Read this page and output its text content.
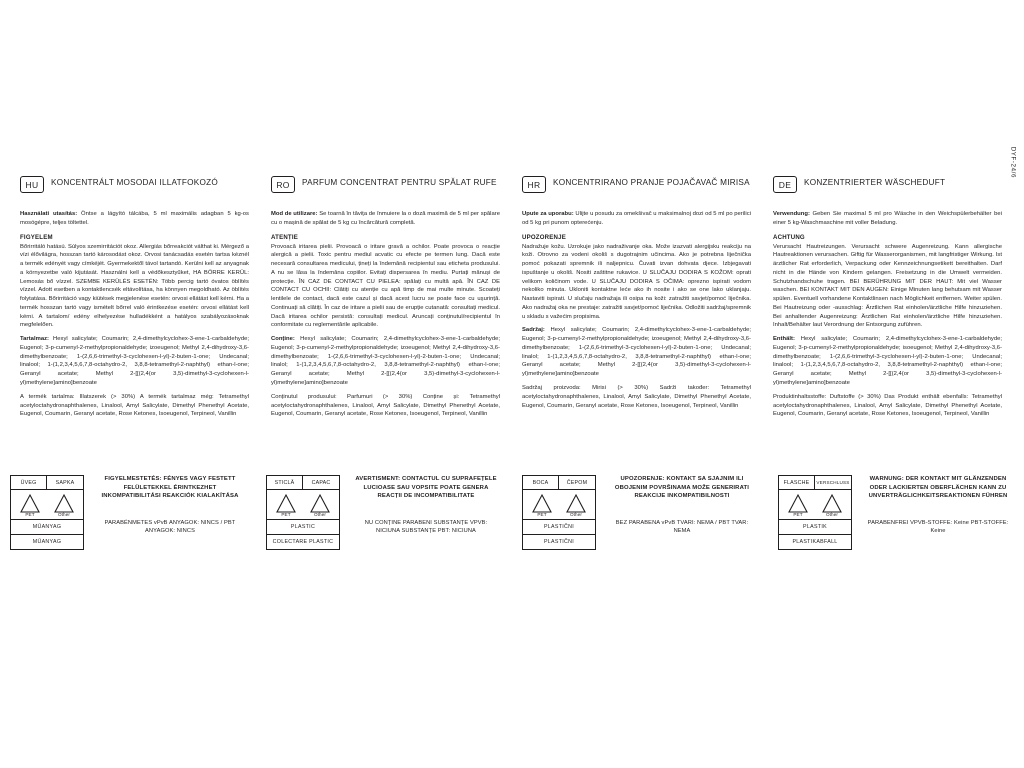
DYF-24/6
HU	KONCENTRÁLT MOSODAI ILLATFOKOZÓ

Használati utasítás: Öntse a lágyító tálcába, 5 ml maximális adagban 5 kg-os mosógépre, teljes töltettel.

FIGYELEM

Bőrirritáló hatású. Súlyos szemirritációt okoz. Allergiás bőrreakciót válthat ki. Mérgező a vízi élővilágra, hosszan tartó károsodást okoz. Orvosi tanácsadás esetén tartsa kéznél a termék edényét vagy címkéjét. Gyermekektől távol tartandó. Kerülni kell az anyagnak a környezetbe való kijutását. Használni kell a védőkesztyűket, HA BŐRRE KERÜL: Lemosás bő vízzel. SZEMBE KERÜLÉS ESETÉN: Több percig tartó óvatos öblítés vízzel. Adott esetben a kontaktlencsék eltávolítása, ha könnyen megoldható. Az öblítés folytatása. Bőrirritáció vagy kiütések megjelenése esetén: orvosi ellátást kell kérni. Ha a termék hosszan tartó vagy ismételt bőrrel való érintkezése esetén: orvosi ellátást kell kérni. A tartalom/ edény elhelyezése hulladékként a hatályos szabályozásoknak megfelelően.

Tartalmaz: Hexyl salicylate; Coumarin; 2,4-dimethylcyclohex-3-ene-1-carbaldehyde; Eugenol; 3-p-cumenyl-2-methylpropionaldehyde; izoeugenol; Methyl 2,4-dihydroxy-3,6-dimethylbenzoate; 1-(2,6,6-trimethyl-3-cyclohexen-l-yl)-2-buten-1-one; Undecanal; linalool; 1-(1,2,3,4,5,6,7,8-octahydro-2, 3,8,8-tetramethyl-2-naphthyl) ethan-l-one; Geranyl acetate; Methyl 2-[[(2,4(or 3,5)-dimethyl-3-cyclohexen-l-yl)methylene]amino]benzoate

A termék tartalma: Illatszerek (> 30%) A termék tartalmaz még: Tetramethyl acetyloctahydronaphthalenes, Linalool, Amyl Salicylate, Dimethyl Phenethyl Acetate, Eugenol, Coumarin, Geranyl acetate, Rose Ketones, Isoeugenol, Terpineol, Vanillin

RO	PARFUM CONCENTRAT PENTRU SPĂLAT RUFE

Mod de utilizare: Se toarnă în tăvița de înmuiere la o doză maximă de 5 ml per spălare cu o mașină de spălat de 5 kg cu încărcătură completă.

ATENȚIE

Provoacă iritarea pielii. Provoacă o iritare gravă a ochilor. Poate provoca o reacție alergică a pielii. Toxic pentru mediul acvatic cu efecte pe termen lung. Dacă este necesară consultarea medicului, țineți la îndemână recipientul sau eticheta produsului. A nu se lăsa la îndemâna copiilor. Evitați dispersarea în mediu. Purtați mănuși de protecție. ÎN CAZ DE CONTACT CU PIELEA: spălați cu multă apă. ÎN CAZ DE CONTACT CU OCHII: Clătiți cu atenție cu apă timp de mai multe minute. Scoateți lentilele de contact, dacă este cazul și dacă acest lucru se poate face cu ușurință. Continuați să clătiți. În caz de iritare a pielii sau de erupție cutanată: consultați medicul. Dacă iritarea ochilor persistă: consultați medicul. Aruncați conținutul/recipientul în conformitate cu reglementările aplicabile.

Conține: Hexyl salicylate; Coumarin; 2,4-dimethylcyclohex-3-ene-1-carbaldehyde; Eugenol; 3-p-cumenyl-2-methylpropionaldehyde; izoeugenol; Methyl 2,4-dihydroxy-3,6-dimethylbenzoate; 1-(2,6,6-trimethyl-3-cyclohexen-l-yl)-2-buten-1-one; Undecanal; linalol; 1-(1,2,3,4,5,6,7,8-octahydro-2, 3,8,8-tetramethyl-2-naphthyl) ethan-l-one; Geranyl acetate; Methyl 2-[[(2,4(or 3,5)-dimethyl-3-cyclohexen-l-yl)methylene]amino]benzoate

Conținutul produsului: Parfumuri (> 30%) Conține și: Tetramethyl acetyloctahydronaphthalenes, Linalool, Amyl Salicylate, Dimethyl Phenethyl Acetate, Eugenol, Coumarin, Geranyl acetate, Rose Ketones, Isoeugenol, Terpineol, Vanillin

HR	KONCENTRIRANO PRANJE POJAČAVAČ MIRISA

Upute za uporabu: Ulijte u posudu za omekšivač u maksimalnoj dozi od 5 ml po perilici od 5 kg pri punom opterećenju.

UPOZORENJE

Nadražuje kožu. Uzrokuje jako nadraživanje oka. Može izazvati alergijsku reakciju na koži. Otrovno za vodeni okoliš s dugotrajnim učincima. Ako je potrebna liječnička pomoć pokazati spremnik ili naljepnicu. Čuvati izvan dohvata djece. Izbjegavati ispuštanje u okoliš. Nositi zaštitne rukavice. U SLUČAJU DODIRA S KOŽOM: oprati velikom količinom vode. U SLUČAJU DODIRA S OČIMA: oprezno ispirati vodom nekoliko minuta. Ukloniti kontaktne leće ako ih nosite i ako se one lako uklanjaju. Nastaviti ispirati. U slučaju nadražaja ili osipa na koži: zatražiti savjet/pomoć liječnika. Ako nadražaj oka ne prestaje: zatražiti savjet/pomoć liječnika. Odložiti sadržaj/spremnik u skladu s važećim propisima.

Sadržaj: Hexyl salicylate; Coumarin; 2,4-dimethylcyclohex-3-ene-1-carbaldehyde; Eugenol; 3-p-cumenyl-2-methylpropionaldehyde; izoeugenol; Methyl 2,4-dihydroxy-3,6-dimethylbenzoate; 1-(2,6,6-trimethyl-3-cyclohexen-l-yl)-2-buten-1-one; Undecanal; linalol; 1-(1,2,3,4,5,6,7,8-octahydro-2, 3,8,8-tetramethyl-2-naphthyl) ethan-l-one; Geranyl acetate; Methyl 2-[[(2,4(or 3,5)-dimethyl-3-cyclohexen-l-yl)methylene]amino]benzoate

Sadržaj proizvoda: Mirisi (> 30%) Sadrži također: Tetramethyl acetyloctahydronaphthalenes, Linalool, Amyl Salicylate, Dimethyl Phenethyl Acetate, Eugenol, Coumarin, Geranyl acetate, Rose Ketones, Isoeugenol, Terpineol, Vanillin

DE	KONZENTRIERTER WÄSCHEDUFT

Verwendung: Geben Sie maximal 5 ml pro Wäsche in den Weichspülerbehälter bei einer 5 kg-Waschmaschine mit voller Beladung.

ACHTUNG

Verursacht Hautreizungen. Verursacht schwere Augenreizung. Kann allergische Hautreaktionen verursachen. Giftig für Wasserorganismen, mit langfristiger Wirkung. Ist ärztlicher Rat erforderlich, Verpackung oder Kennzeichnungsetikett bereithalten. Darf nicht in die Hände von Kindern gelangen. Freisetzung in die Umwelt vermeiden. Schutzhandschuhe tragen. BEI BERÜHRUNG MIT DER HAUT: Mit viel Wasser waschen. BEI KONTAKT MIT DEN AUGEN: Einige Minuten lang behutsam mit Wasser spülen. Eventuell vorhandene Kontaktlinsen nach Möglichkeit entfernen. Weiter spülen. Bei Hautreizung oder -ausschlag: Ärztlichen Rat einholen/ärztliche Hilfe hinzuziehen. Bei anhaltender Augenreizung: Ärztlichen Rat einholen/ärztliche Hilfe hinzuziehen. Inhalt/Behälter laut Verordnung der Entsorgung zuführen.

Enthält: Hexyl salicylate; Coumarin; 2,4-dimethylcyclohex-3-ene-1-carbaldehyde; Eugenol; 3-p-cumenyl-2-methylpropionaldehyde; isoeugenol; Methyl 2,4-dihydroxy-3,6-dimethylbenzoate; 1-(2,6,6-trimethyl-3-cyclohexen-l-yl)-2-buten-1-one; Undecanal; linalool; 1-(1,2,3,4,5,6,7,8-octahydro-2, 3,8,8-tetramethyl-2-naphthyl) ethan-l-one; Geranyl acetate; Methyl 2-[[(2,4(or 3,5)-dimethyl-3-cyclohexen-l-yl)methylene]amino]benzoate

Produktinhaltsstoffe: Duftstoffe (> 30%) Das Produkt enthält ebenfalls: Tetramethyl acetyloctahydronaphthalenes, Linalool, Amyl Salicylate, Dimethyl Phenethyl Acetate, Eugenol, Coumarin, Geranyl acetate, Rose Ketones, Isoeugenol, Terpineol, Vanillin

ÜVEG	SAPKA
PET	Other
MŰANYAG
MŰANYAG
FIGYELMESTETÉS: FÉNYES VAGY FESTETT FELÜLETEKKEL ÉRINTKEZHET INKOMPATIBILITÁSI REAKCIÓK KIALAKÍTÁSA
PARABÉNMETES vPvB ANYAGOK: NINCS / PBT ANYAGOK: NINCS
STICLĂ	CAPAC
PET	Other
PLASTIC
COLECTARE PLASTIC
AVERTISMENT: CONTACTUL CU SUPRAFEȚELE LUCIOASE SAU VOPSITE POATE GENERA REACȚII DE INCOMPATIBILITATE
NU CONȚINE PARABENI SUBSTANȚE VPVB: NICIUNA SUBSTANȚE PBT: NICIUNA
BOCA	ČEPOM
PET	Other
PLASTIČNI
PLASTIČNI
UPOZORENJE: KONTAKT SA SJAJNIM ILI OBOJENIM POVRŠINAMA MOŽE GENERIRATI REAKCIJE INKOMPATIBILNOSTI
BEZ PARABENA vPvB TVARI: NEMA / PBT TVAR: NEMA
FLASCHE	VERSCHLUSS
PET	Other
PLASTIK
PLASTIKABFALL
WARNUNG: DER KONTAKT MIT GLÄNZENDEN ODER LACKIERTEN OBERFLÄCHEN KANN ZU UNVERTRÄGLICHKEITSREAKTIONEN FÜHREN
PARABENFREI VPVB-STOFFE: Keine PBT-STOFFE: Keine
